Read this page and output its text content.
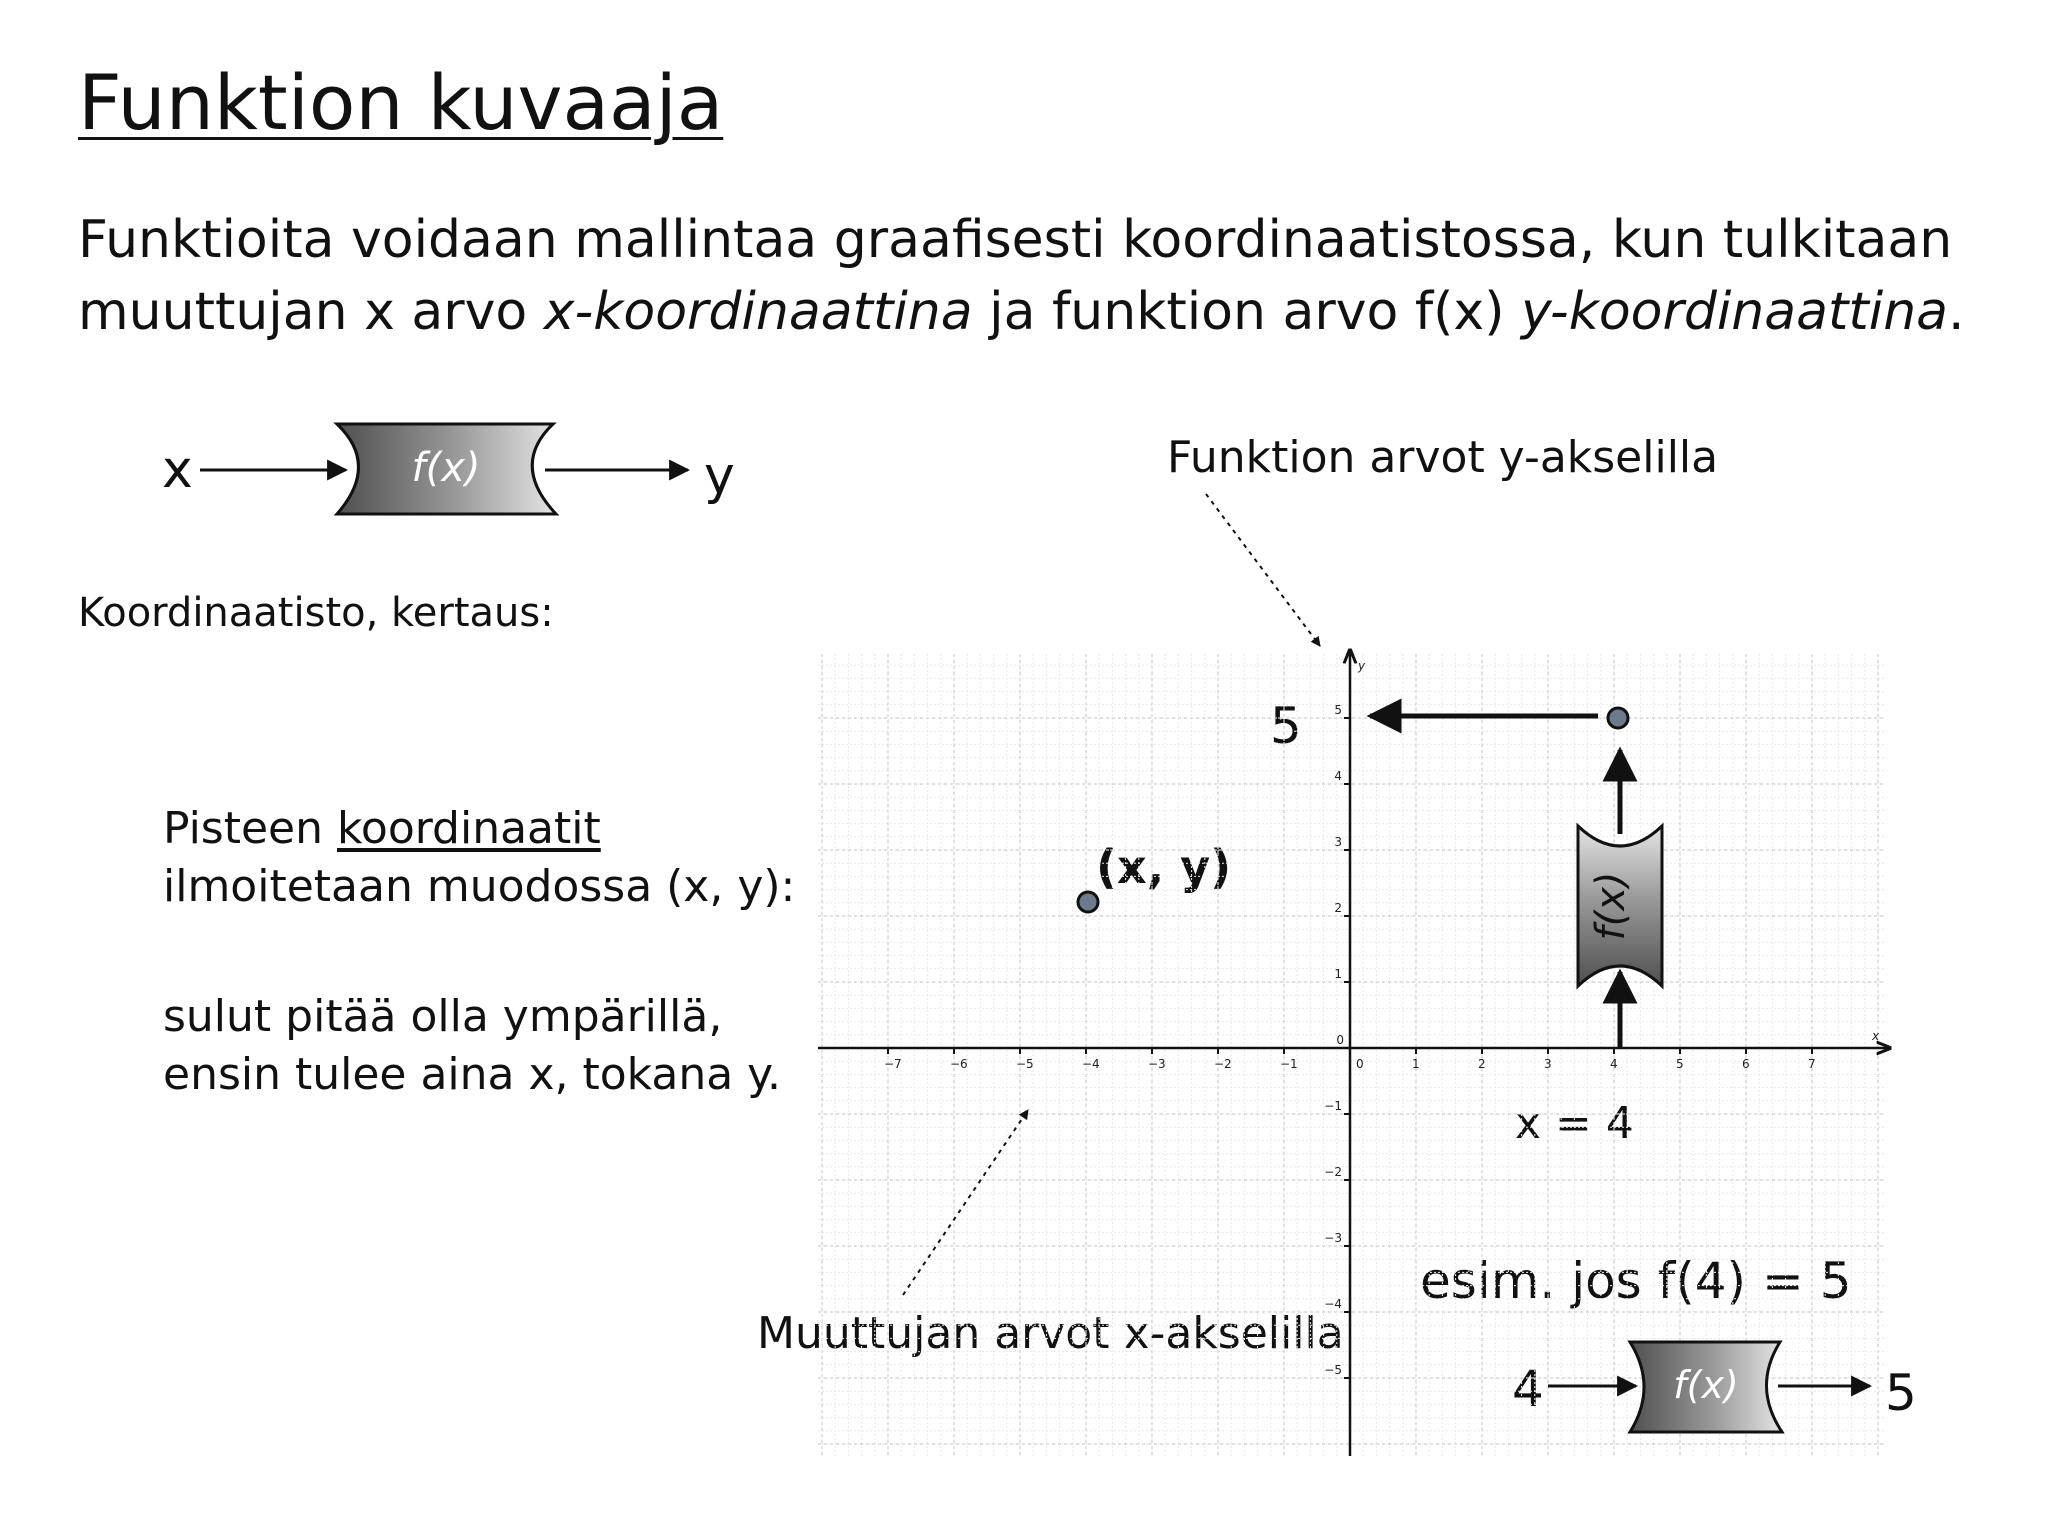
Funktion kuvaaja
Funktioita voidaan mallintaa graafisesti koordinaatistossa, kun tulkitaan
muuttujan x arvo x-koordinaattina ja funktion arvo f(x) y-koordinaattina.
x	y
Koordinaatisto, kertaus:
Pisteen koordinaatit
ilmoitetaan muodossa (x, y):
sulut pitää olla ympärillä,
ensin tulee aina x, tokana y.
Funktion arvot y-akselilla
Muuttujan arvot x-akselilla
5
(x, y)
x = 4
esim. jos f(4) = 5
4	5
f(x)
x
y
−7	−6	−5	−4	−3	−2	−1	0	1	2	3	4	5	6	7
5
4
3
2
1
−1
−2
−3
−4
−5
0
f(x)
f(x)
